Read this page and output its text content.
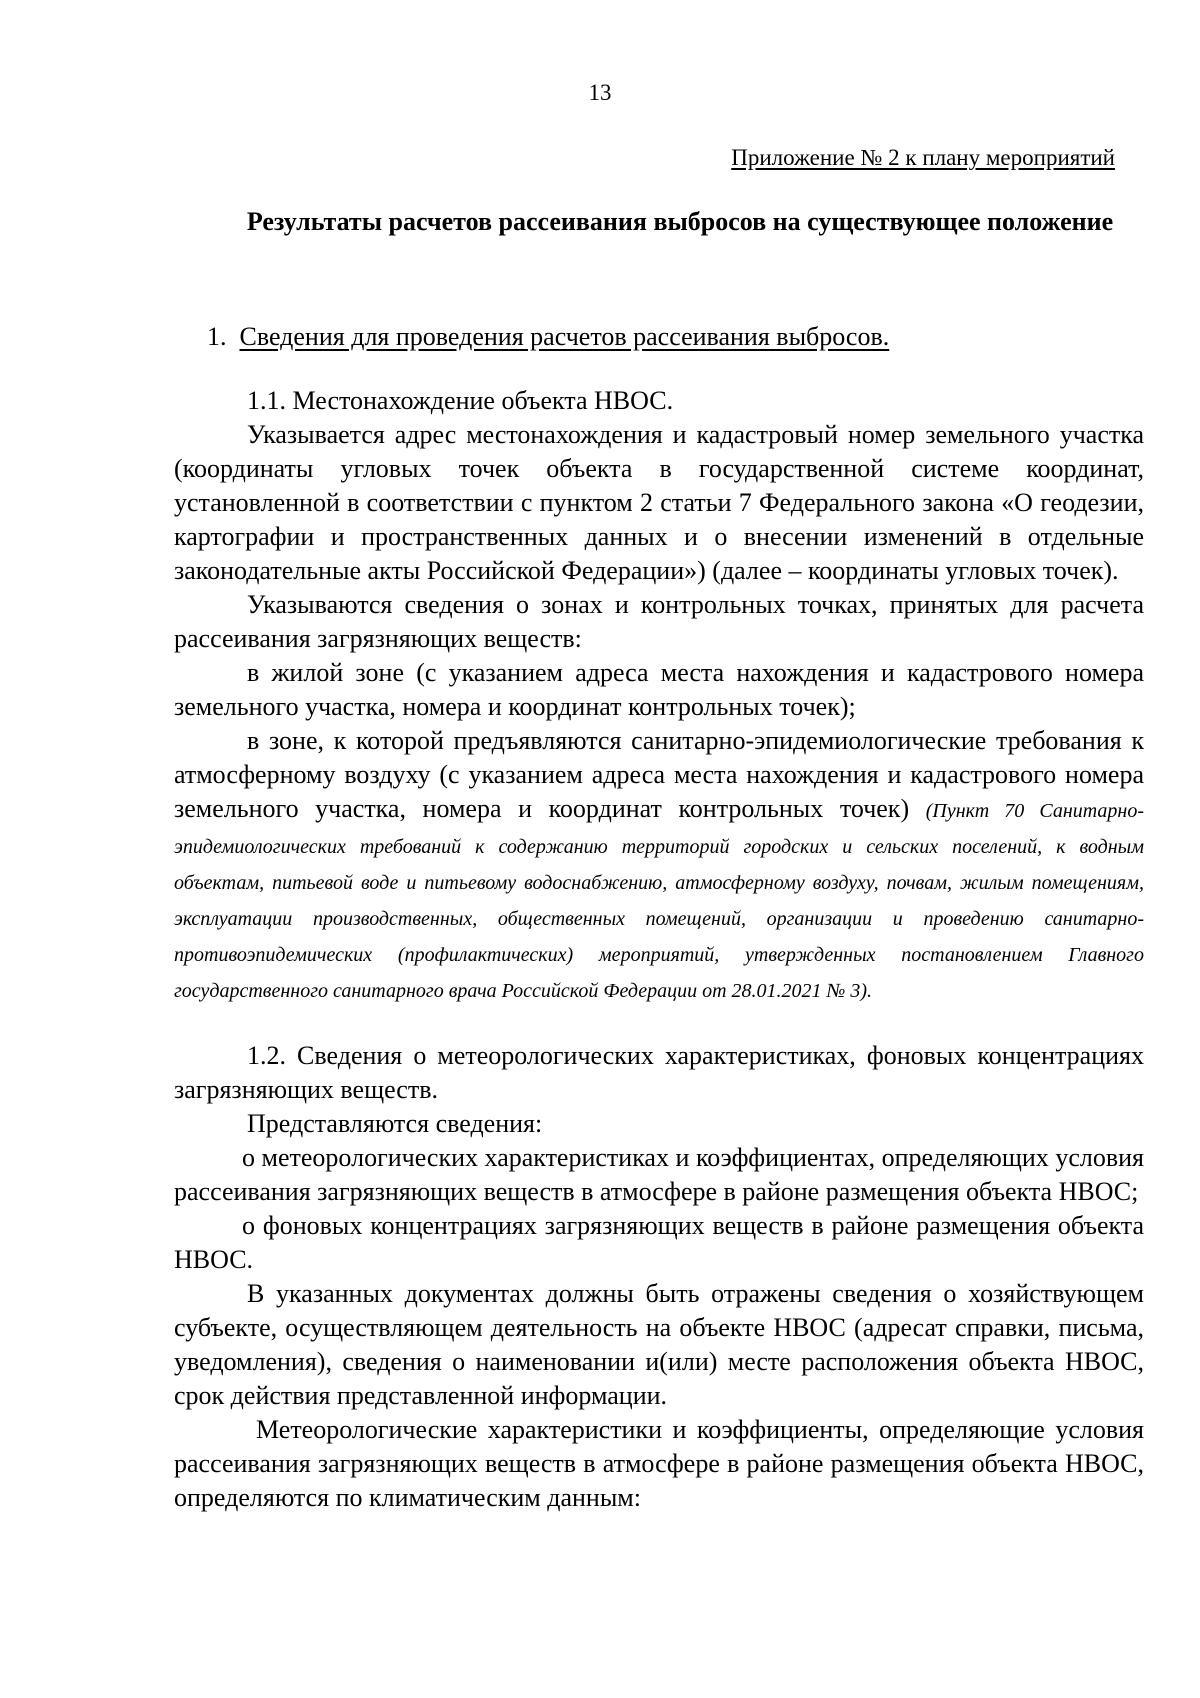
13
Приложение № 2 к плану мероприятий
Результаты расчетов рассеивания выбросов на существующее положение
1. Сведения для проведения расчетов рассеивания выбросов.

1.1. Местонахождение объекта НВОС.

Указывается адрес местонахождения и кадастровый номер земельного участка (координаты угловых точек объекта в государственной системе координат, установленной в соответствии с пунктом 2 статьи 7 Федерального закона «О геодезии, картографии и пространственных данных и о внесении изменений в отдельные законодательные акты Российской Федерации») (далее – координаты угловых точек).

Указываются сведения о зонах и контрольных точках, принятых для расчета рассеивания загрязняющих веществ:

в жилой зоне (с указанием адреса места нахождения и кадастрового номера земельного участка, номера и координат контрольных точек);

в зоне, к которой предъявляются санитарно-эпидемиологические требования к атмосферному воздуху (с указанием адреса места нахождения и кадастрового номера земельного участка, номера и координат контрольных точек) (Пункт 70 Санитарно-эпидемиологических требований к содержанию территорий городских и сельских поселений, к водным объектам, питьевой воде и питьевому водоснабжению, атмосферному воздуху, почвам, жилым помещениям, эксплуатации производственных, общественных помещений, организации и проведению санитарно-противоэпидемических (профилактических) мероприятий, утвержденных постановлением Главного государственного санитарного врача Российской Федерации от 28.01.2021 № 3).

1.2. Сведения о метеорологических характеристиках, фоновых концентрациях загрязняющих веществ.

Представляются сведения:

о метеорологических характеристиках и коэффициентах, определяющих условия рассеивания загрязняющих веществ в атмосфере в районе размещения объекта НВОС;

о фоновых концентрациях загрязняющих веществ в районе размещения объекта НВОС.

В указанных документах должны быть отражены сведения о хозяйствующем субъекте, осуществляющем деятельность на объекте НВОС (адресат справки, письма, уведомления), сведения о наименовании и(или) месте расположения объекта НВОС, срок действия представленной информации.

Метеорологические характеристики и коэффициенты, определяющие условия рассеивания загрязняющих веществ в атмосфере в районе размещения объекта НВОС, определяются по климатическим данным:
